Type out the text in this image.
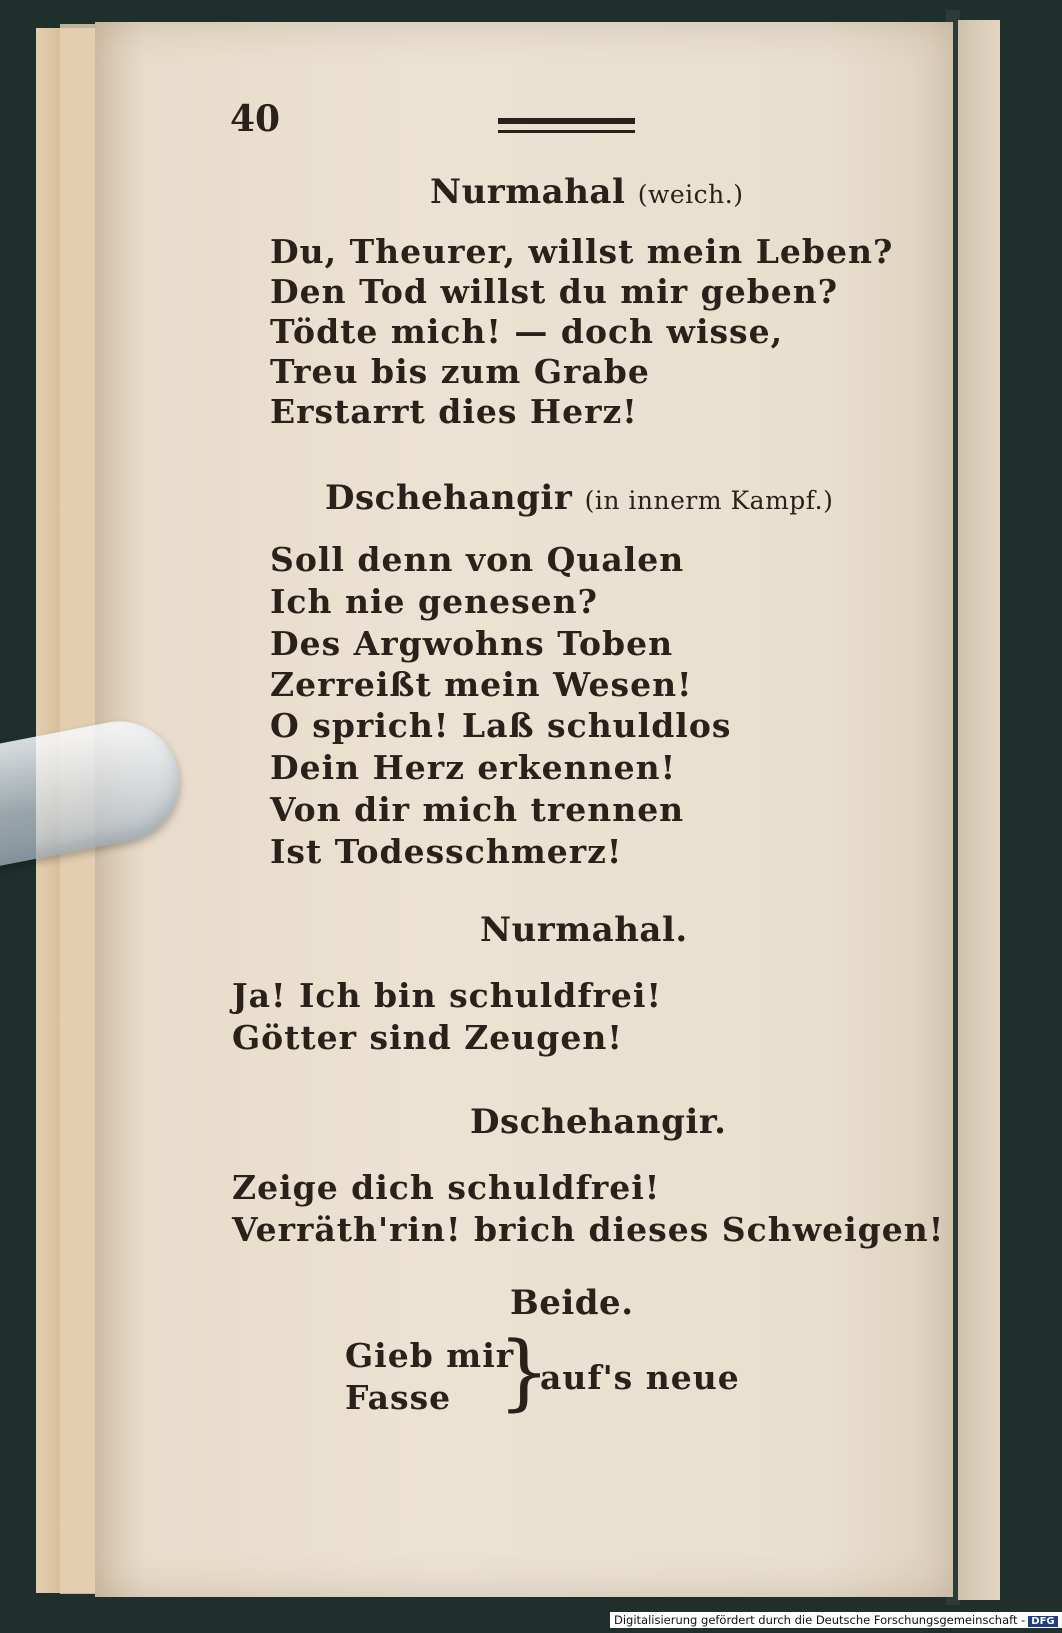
40
Nurmahal (weich.)
Du, Theurer, willst mein Leben?
Den Tod willst du mir geben?
Tödte mich! — doch wisse,
Treu bis zum Grabe
Erstarrt dies Herz!
Dschehangir (in innerm Kampf.)
Soll denn von Qualen
Ich nie genesen?
Des Argwohns Toben
Zerreißt mein Wesen!
O sprich! Laß schuldlos
Dein Herz erkennen!
Von dir mich trennen
Ist Todesschmerz!
Nurmahal.
Ja! Ich bin schuldfrei!
Götter sind Zeugen!
Dschehangir.
Zeige dich schuldfrei!
Verräth'rin! brich dieses Schweigen!
Beide.
Gieb mir
Fasse }
auf's neue
Digitalisierung gefördert durch die Deutsche Forschungsgemeinschaft - DFG
